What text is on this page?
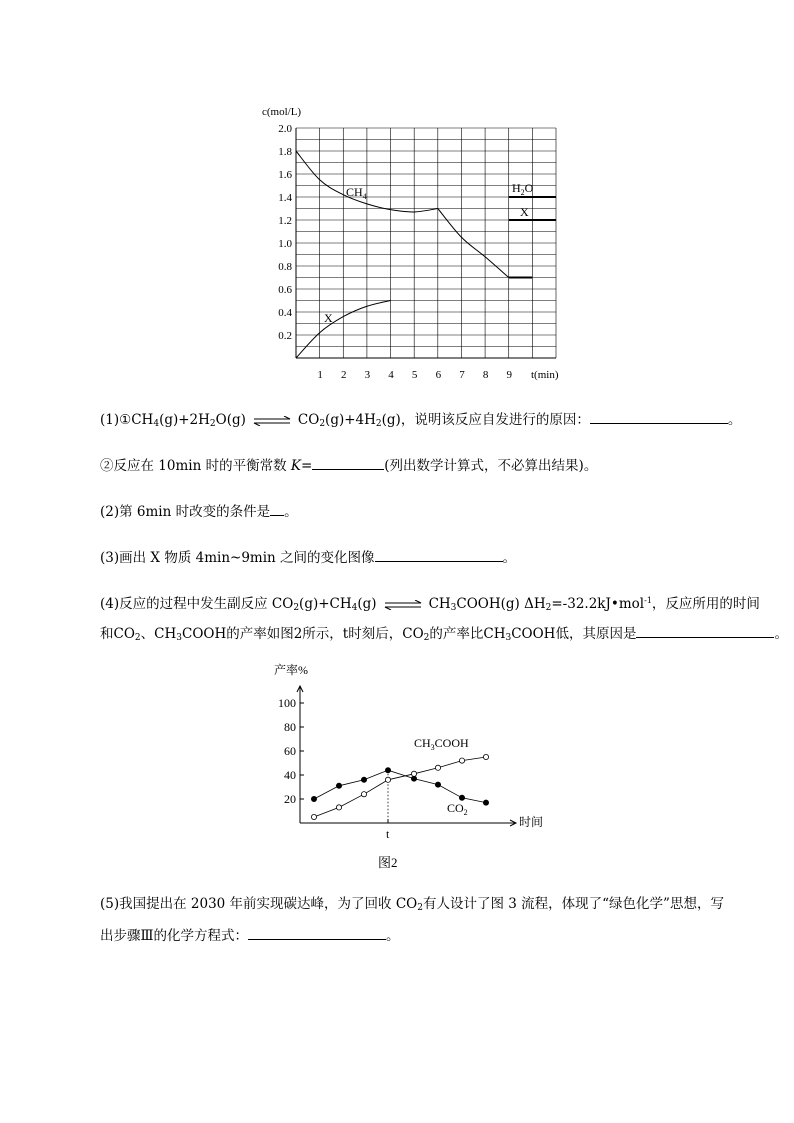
c(mol/L)
2.0
1.8
1.6
1.4
1.2
1.0
0.8
0.6
0.4
0.2
1 2 3 4 5 6 7 8 9 t(min)
$CH_4$
$H_2O$
X
X
$(1)①CH_4(g)+2H_2O(g)$ ⇌ $CO_2(g)+4H_2(g)$，说明该反应自发进行的原因：	。
②反应在 10min 时的平衡常数 K=	(列出数学计算式，不必算出结果)。
(2)第 6min 时改变的条件是 。
(3)画出 X 物质 4min~9min 之间的变化图像	。
(4)反应的过程中发生副反应 $CO_2(g)+CH_4(g)$ ⇌ $CH_3COOH(g)$ $\Delta H_2=-32.2kJ•mol^{-1}$，反应所用的时间
和$CO_2$、$CH_3COOH$的产率如图2所示，t时刻后，$CO_2$的产率比$CH_3COOH$低，其原因是	。
产率%
100
80
60
40
20
t
时间
$CH_3COOH$
$CO_2$
图2
(5)我国提出在 2030 年前实现碳达峰，为了回收 $CO_2$有人设计了图 3 流程，体现了“绿色化学”思想，写
出步骤Ⅲ的化学方程式：	。
